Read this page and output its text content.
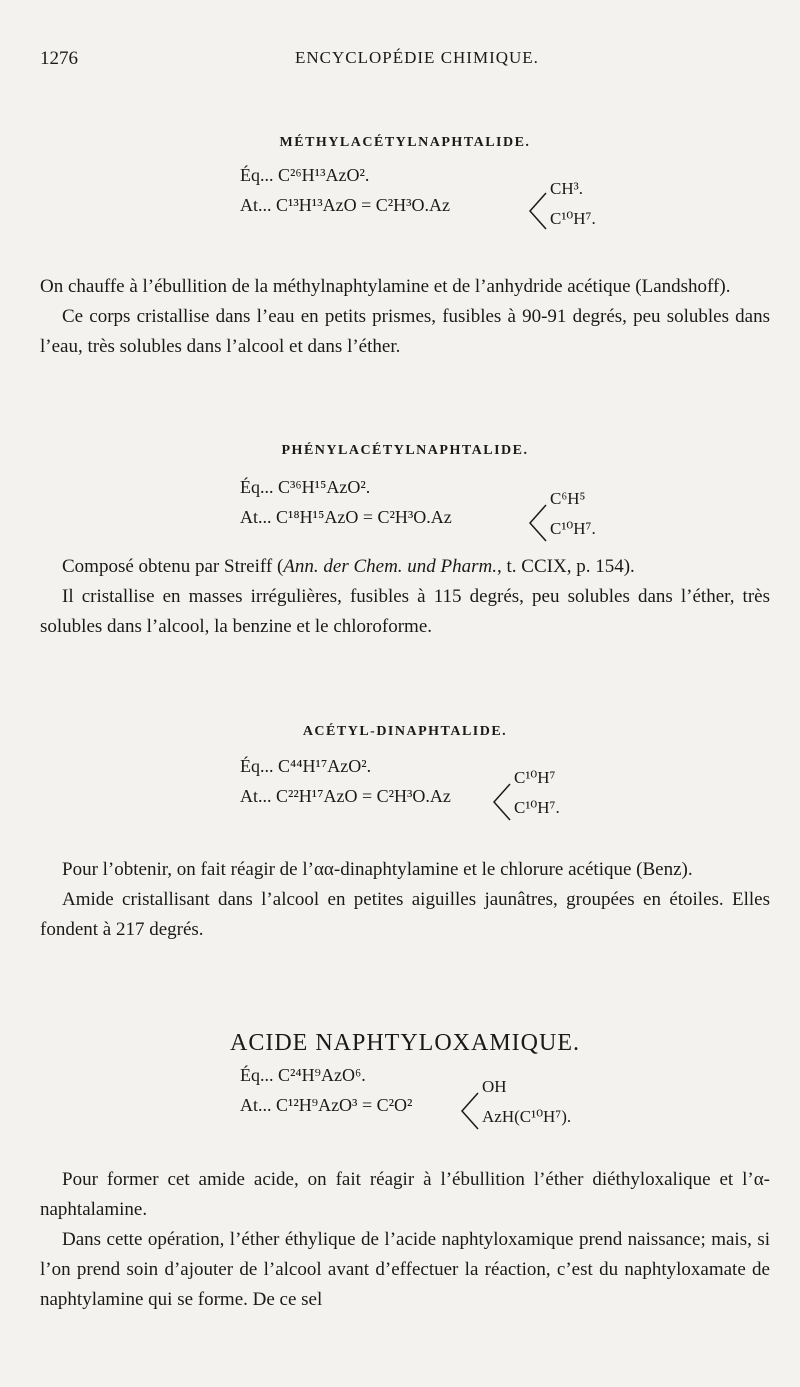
1276	ENCYCLOPÉDIE CHIMIQUE.
MÉTHYLACÉTYLNAPHTALIDE.
Éq... C²⁶H¹³AzO².
At... C¹³H¹³AzO = C²H³O.Az
CH³.
C¹⁰H⁷.

On chauffe à l’ébullition de la méthylnaphtylamine et de l’anhydride acétique (Landshoff).

Ce corps cristallise dans l’eau en petits prismes, fusibles à 90-91 degrés, peu solubles dans l’eau, très solubles dans l’alcool et dans l’éther.

PHÉNYLACÉTYLNAPHTALIDE.
Éq... C³⁶H¹⁵AzO².
At... C¹⁸H¹⁵AzO = C²H³O.Az
C⁶H⁵
C¹⁰H⁷.

Composé obtenu par Streiff (Ann. der Chem. und Pharm., t. CCIX, p. 154).

Il cristallise en masses irrégulières, fusibles à 115 degrés, peu solubles dans l’éther, très solubles dans l’alcool, la benzine et le chloroforme.

ACÉTYL-DINAPHTALIDE.
Éq... C⁴⁴H¹⁷AzO².
At... C²²H¹⁷AzO = C²H³O.Az
C¹⁰H⁷
C¹⁰H⁷.

Pour l’obtenir, on fait réagir de l’αα-dinaphtylamine et le chlorure acétique (Benz).

Amide cristallisant dans l’alcool en petites aiguilles jaunâtres, groupées en étoiles. Elles fondent à 217 degrés.

ACIDE NAPHTYLOXAMIQUE.
Éq... C²⁴H⁹AzO⁶.
At... C¹²H⁹AzO³ = C²O²
OH
AzH(C¹⁰H⁷).

Pour former cet amide acide, on fait réagir à l’ébullition l’éther diéthyloxalique et l’α-naphtalamine.

Dans cette opération, l’éther éthylique de l’acide naphtyloxamique prend naissance; mais, si l’on prend soin d’ajouter de l’alcool avant d’effectuer la réaction, c’est du naphtyloxamate de naphtylamine qui se forme. De ce sel
